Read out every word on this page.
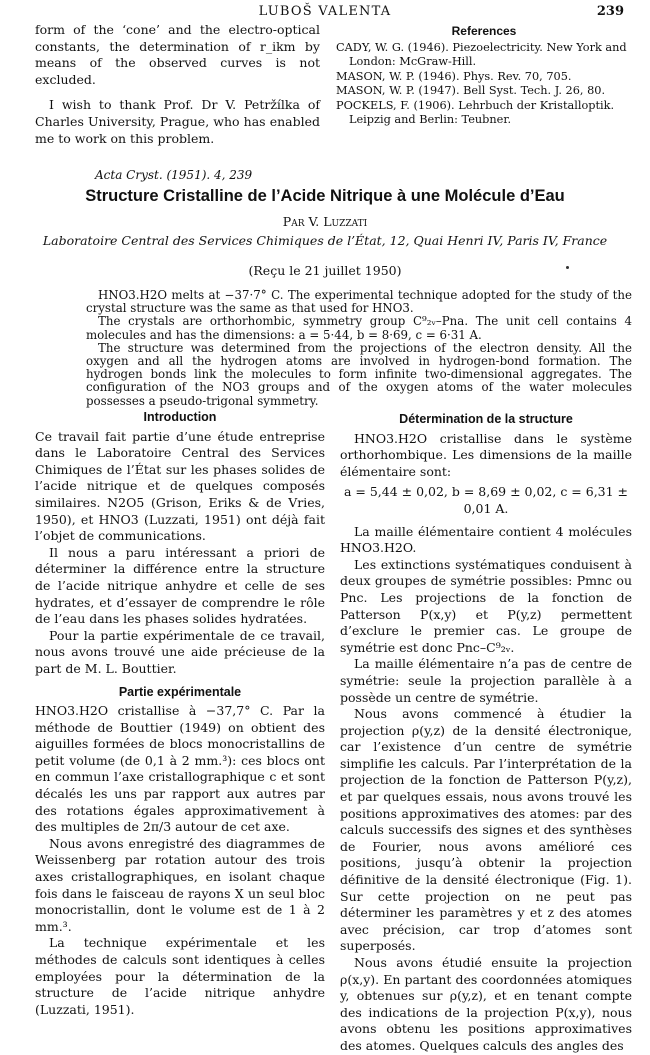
LUBOŠ VALENTA	239

form of the ‘cone’ and the electro-optical constants, the determination of r_ikm by means of the observed curves is not excluded.

I wish to thank Prof. Dr V. Petržílka of Charles University, Prague, who has enabled me to work on this problem.

References
CADY, W. G. (1946). Piezoelectricity. New York and London: McGraw-Hill.
MASON, W. P. (1946). Phys. Rev. 70, 705.
MASON, W. P. (1947). Bell Syst. Tech. J. 26, 80.
POCKELS, F. (1906). Lehrbuch der Kristalloptik. Leipzig and Berlin: Teubner.
Acta Cryst. (1951). 4, 239
Structure Cristalline de l’Acide Nitrique à une Molécule d’Eau
Par V. Luzzati
Laboratoire Central des Services Chimiques de l’État, 12, Quai Henri IV, Paris IV, France
(Reçu le 21 juillet 1950)

HNO3.H2O melts at −37·7° C. The experimental technique adopted for the study of the crystal structure was the same as that used for HNO3.

The crystals are orthorhombic, symmetry group C⁹₂ᵥ–Pna. The unit cell contains 4 molecules and has the dimensions: a = 5·44, b = 8·69, c = 6·31 A.

The structure was determined from the projections of the electron density. All the oxygen and all the hydrogen atoms are involved in hydrogen-bond formation. The hydrogen bonds link the molecules to form infinite two-dimensional aggregates. The configuration of the NO3 groups and of the oxygen atoms of the water molecules possesses a pseudo-trigonal symmetry.

Introduction

Ce travail fait partie d’une étude entreprise dans le Laboratoire Central des Services Chimiques de l’État sur les phases solides de l’acide nitrique et de quelques composés similaires. N2O5 (Grison, Eriks & de Vries, 1950), et HNO3 (Luzzati, 1951) ont déjà fait l’objet de communications.

Il nous a paru intéressant a priori de déterminer la différence entre la structure de l’acide nitrique anhydre et celle de ses hydrates, et d’essayer de comprendre le rôle de l’eau dans les phases solides hydratées.

Pour la partie expérimentale de ce travail, nous avons trouvé une aide précieuse de la part de M. L. Bouttier.

Partie expérimentale

HNO3.H2O cristallise à −37,7° C. Par la méthode de Bouttier (1949) on obtient des aiguilles formées de blocs monocristallins de petit volume (de 0,1 à 2 mm.³): ces blocs ont en commun l’axe cristallographique c et sont décalés les uns par rapport aux autres par des rotations égales approximativement à des multiples de 2π/3 autour de cet axe.

Nous avons enregistré des diagrammes de Weissenberg par rotation autour des trois axes cristallographiques, en isolant chaque fois dans le faisceau de rayons X un seul bloc monocristallin, dont le volume est de 1 à 2 mm.³.

La technique expérimentale et les méthodes de calculs sont identiques à celles employées pour la détermination de la structure de l’acide nitrique anhydre (Luzzati, 1951).

Détermination de la structure

HNO3.H2O cristallise dans le système orthorhombique. Les dimensions de la maille élémentaire sont:

a = 5,44 ± 0,02, b = 8,69 ± 0,02, c = 6,31 ± 0,01 A.

La maille élémentaire contient 4 molécules HNO3.H2O.

Les extinctions systématiques conduisent à deux groupes de symétrie possibles: Pmnc ou Pnc. Les projections de la fonction de Patterson P(x,y) et P(y,z) permettent d’exclure le premier cas. Le groupe de symétrie est donc Pnc–C⁹₂ᵥ.

La maille élémentaire n’a pas de centre de symétrie: seule la projection parallèle à a possède un centre de symétrie.

Nous avons commencé à étudier la projection ρ(y,z) de la densité électronique, car l’existence d’un centre de symétrie simplifie les calculs. Par l’interprétation de la projection de la fonction de Patterson P(y,z), et par quelques essais, nous avons trouvé les positions approximatives des atomes: par des calculs successifs des signes et des synthèses de Fourier, nous avons amélioré ces positions, jusqu’à obtenir la projection définitive de la densité électronique (Fig. 1). Sur cette projection on ne peut pas déterminer les paramètres y et z des atomes avec précision, car trop d’atomes sont superposés.

Nous avons étudié ensuite la projection ρ(x,y). En partant des coordonnées atomiques y, obtenues sur ρ(y,z), et en tenant compte des indications de la projection P(x,y), nous avons obtenu les positions approximatives des atomes. Quelques calculs des angles des
